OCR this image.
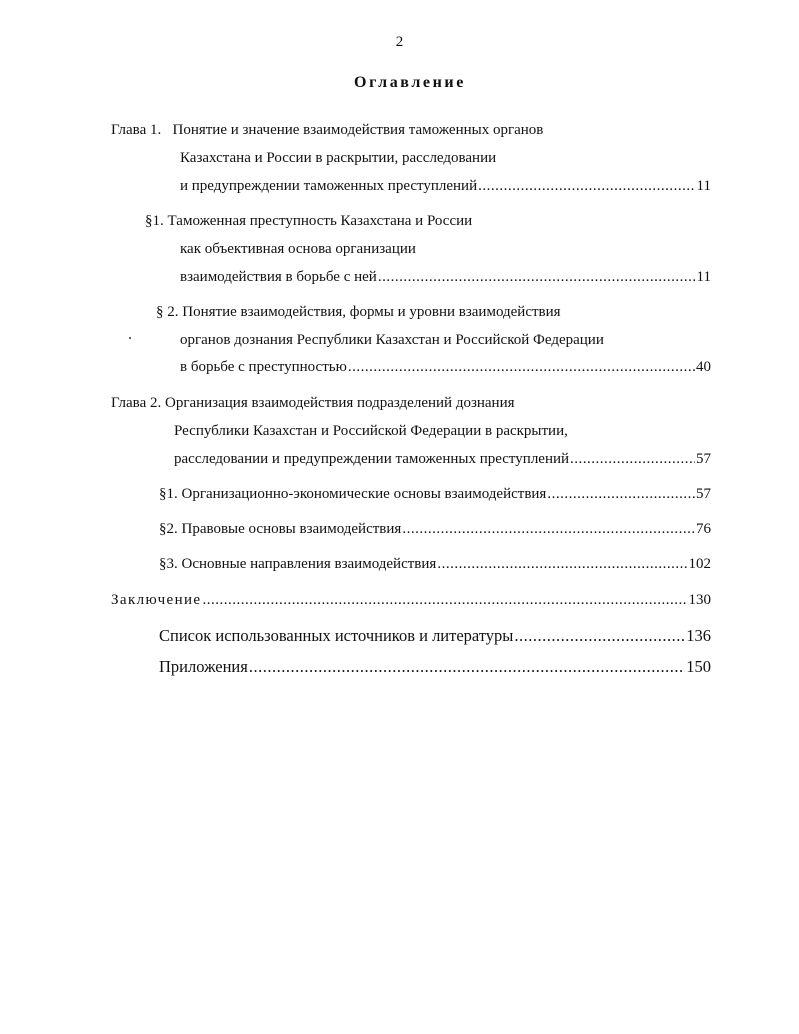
2
Оглавление
Глава 1. Понятие и значение взаимодействия таможенных органов
Казахстана и России в раскрытии, расследовании
и предупреждении таможенных преступлений .....	11
§1. Таможенная преступность Казахстана и России
как объективная основа организации
взаимодействия в борьбе с ней .....	11
§ 2. Понятие взаимодействия, формы и уровни взаимодействия
органов дознания Республики Казахстан и Российской Федерации
в борьбе с преступностью .....	40
Глава 2. Организация взаимодействия подразделений дознания
Республики Казахстан и Российской Федерации в раскрытии,
расследовании и предупреждении таможенных преступлений .....	57
§1. Организационно-экономические основы взаимодействия .....	57
§2. Правовые основы взаимодействия .....	76
§3. Основные направления взаимодействия .....	102
Заключение .....	130
Список использованных источников и литературы .....	136
Приложения .....	150
